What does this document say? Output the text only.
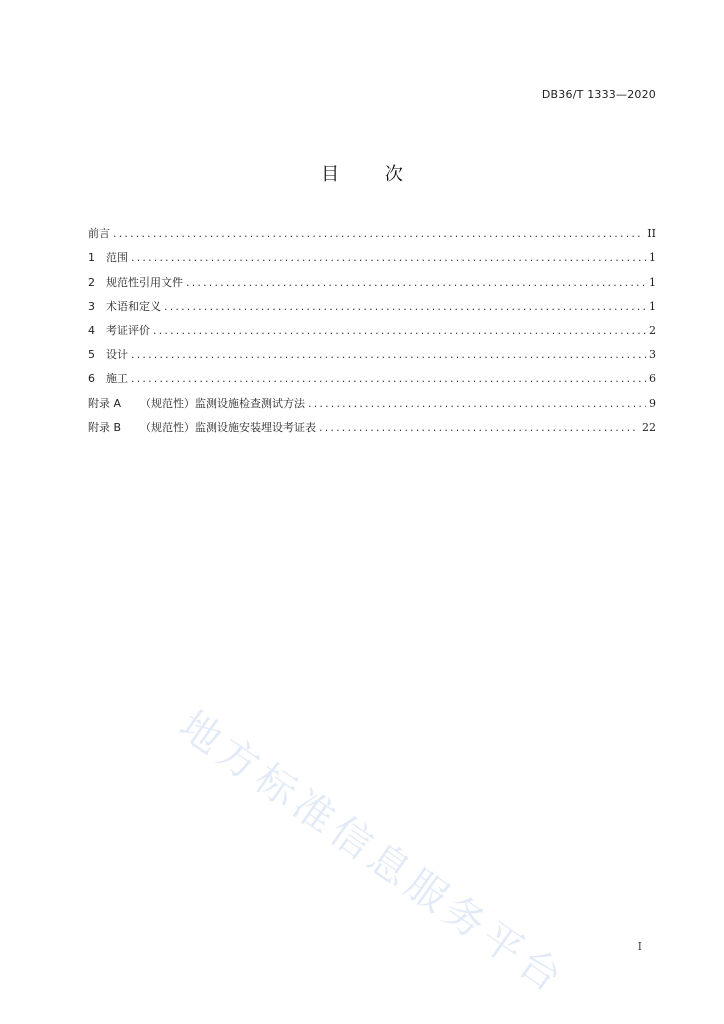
DB36/T 1333—2020
目	次
前言 .....	II
1	范围 .....	1
2	规范性引用文件 .....	1
3	术语和定义 .....	1
4	考证评价 .....	2
5	设计 .....	3
6	施工 .....	6
附录 A	（规范性）监测设施检查测试方法 .....	9
附录 B	（规范性）监测设施安装埋设考证表 .....	22
地方标准信息服务平台	I
